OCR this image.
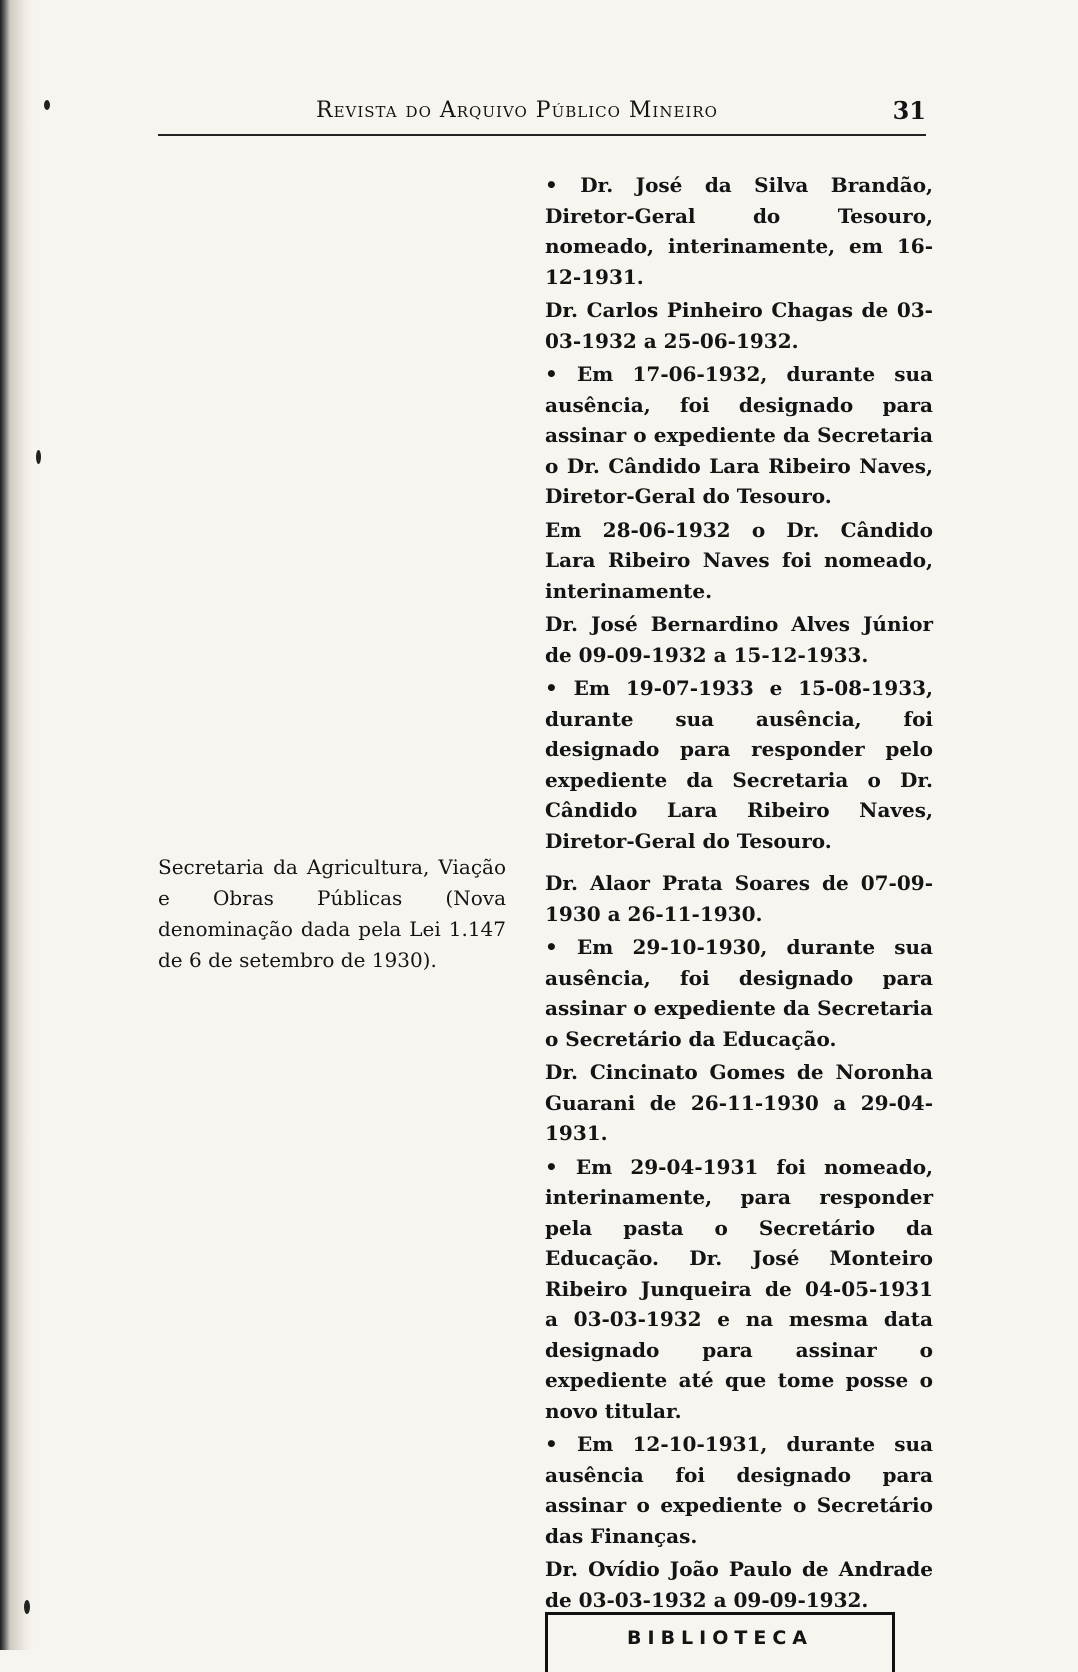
Revista do Arquivo Público Mineiro	31

Secretaria da Agricultura, Viação e Obras Públicas (Nova denominação dada pela Lei 1.147 de 6 de setembro de 1930).

• Dr. José da Silva Brandão, Diretor-Geral do Tesouro, nomeado, interinamente, em 16-12-1931.

Dr. Carlos Pinheiro Chagas de 03-03-1932 a 25-06-1932.

• Em 17-06-1932, durante sua ausência, foi designado para assinar o expediente da Secretaria o Dr. Cândido Lara Ribeiro Naves, Diretor-Geral do Tesouro.

Em 28-06-1932 o Dr. Cândido Lara Ribeiro Naves foi nomeado, interinamente.

Dr. José Bernardino Alves Júnior de 09-09-1932 a 15-12-1933.

• Em 19-07-1933 e 15-08-1933, durante sua ausência, foi designado para responder pelo expediente da Secretaria o Dr. Cândido Lara Ribeiro Naves, Diretor-Geral do Tesouro.

Dr. Alaor Prata Soares de 07-09-1930 a 26-11-1930.

• Em 29-10-1930, durante sua ausência, foi designado para assinar o expediente da Secretaria o Secretário da Educação.

Dr. Cincinato Gomes de Noronha Guarani de 26-11-1930 a 29-04-1931.

• Em 29-04-1931 foi nomeado, interinamente, para responder pela pasta o Secretário da Educação. Dr. José Monteiro Ribeiro Junqueira de 04-05-1931 a 03-03-1932 e na mesma data designado para assinar o expediente até que tome posse o novo titular.

• Em 12-10-1931, durante sua ausência foi designado para assinar o expediente o Secretário das Finanças.

Dr. Ovídio João Paulo de Andrade de 03-03-1932 a 09-09-1932.

BIBLIOTECA
